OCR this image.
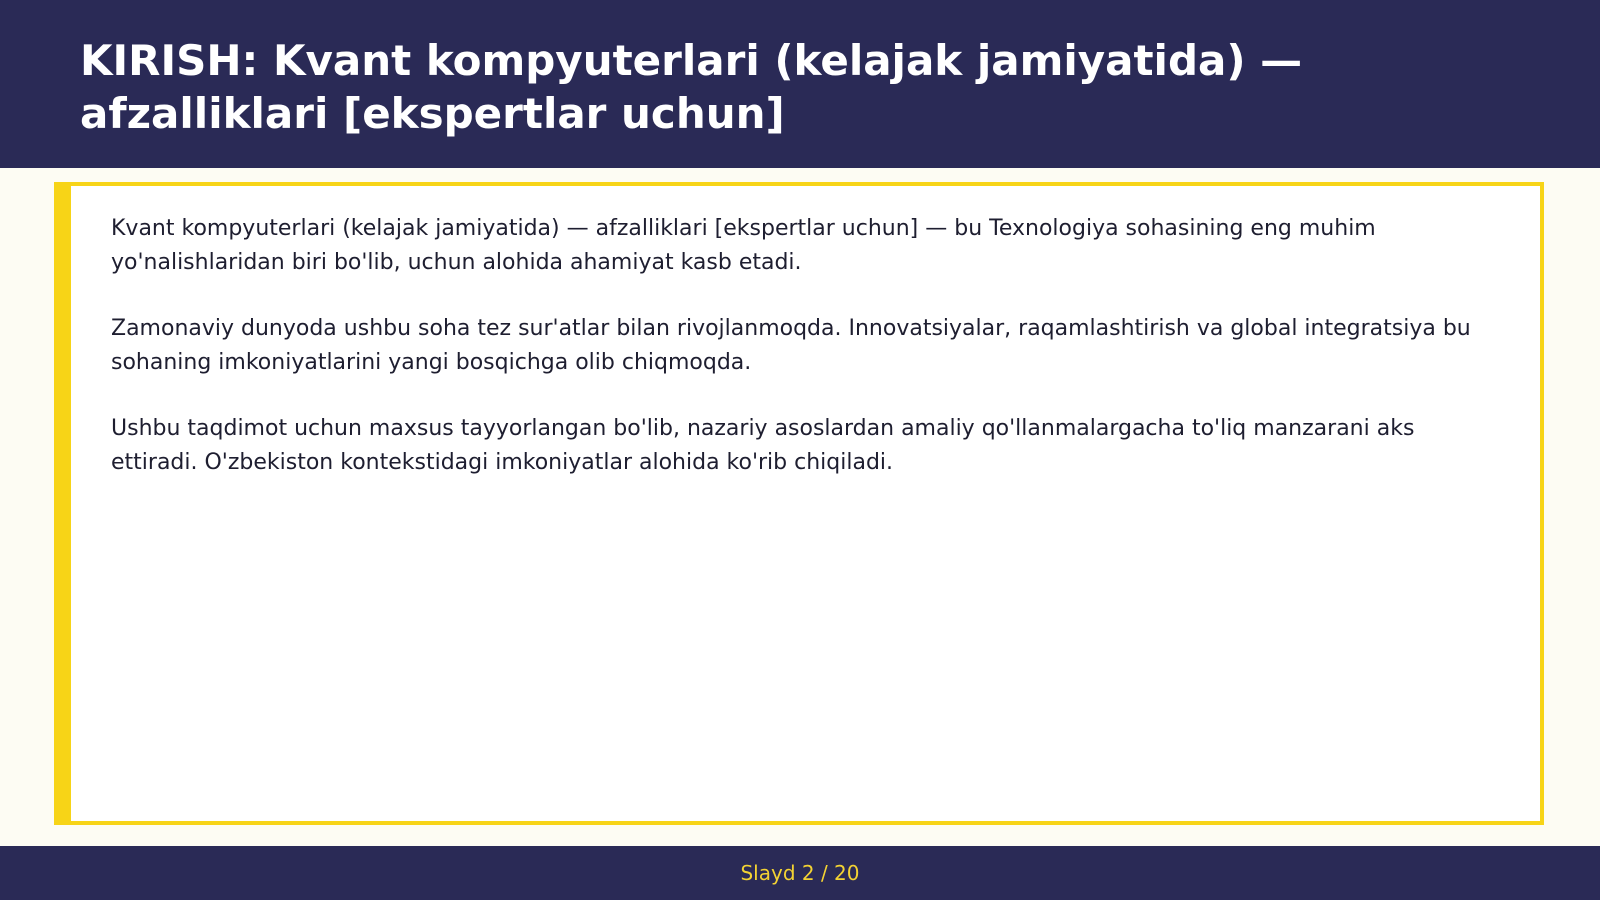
KIRISH: Kvant kompyuterlari (kelajak jamiyatida) — afzalliklari [ekspertlar uchun]

Kvant kompyuterlari (kelajak jamiyatida) — afzalliklari [ekspertlar uchun] — bu Texnologiya sohasining eng muhim yo'nalishlaridan biri bo'lib, uchun alohida ahamiyat kasb etadi.

Zamonaviy dunyoda ushbu soha tez sur'atlar bilan rivojlanmoqda. Innovatsiyalar, raqamlashtirish va global integratsiya bu sohaning imkoniyatlarini yangi bosqichga olib chiqmoqda.

Ushbu taqdimot uchun maxsus tayyorlangan bo'lib, nazariy asoslardan amaliy qo'llanmalargacha to'liq manzarani aks ettiradi. O'zbekiston kontekstidagi imkoniyatlar alohida ko'rib chiqiladi.

Slayd 2 / 20
